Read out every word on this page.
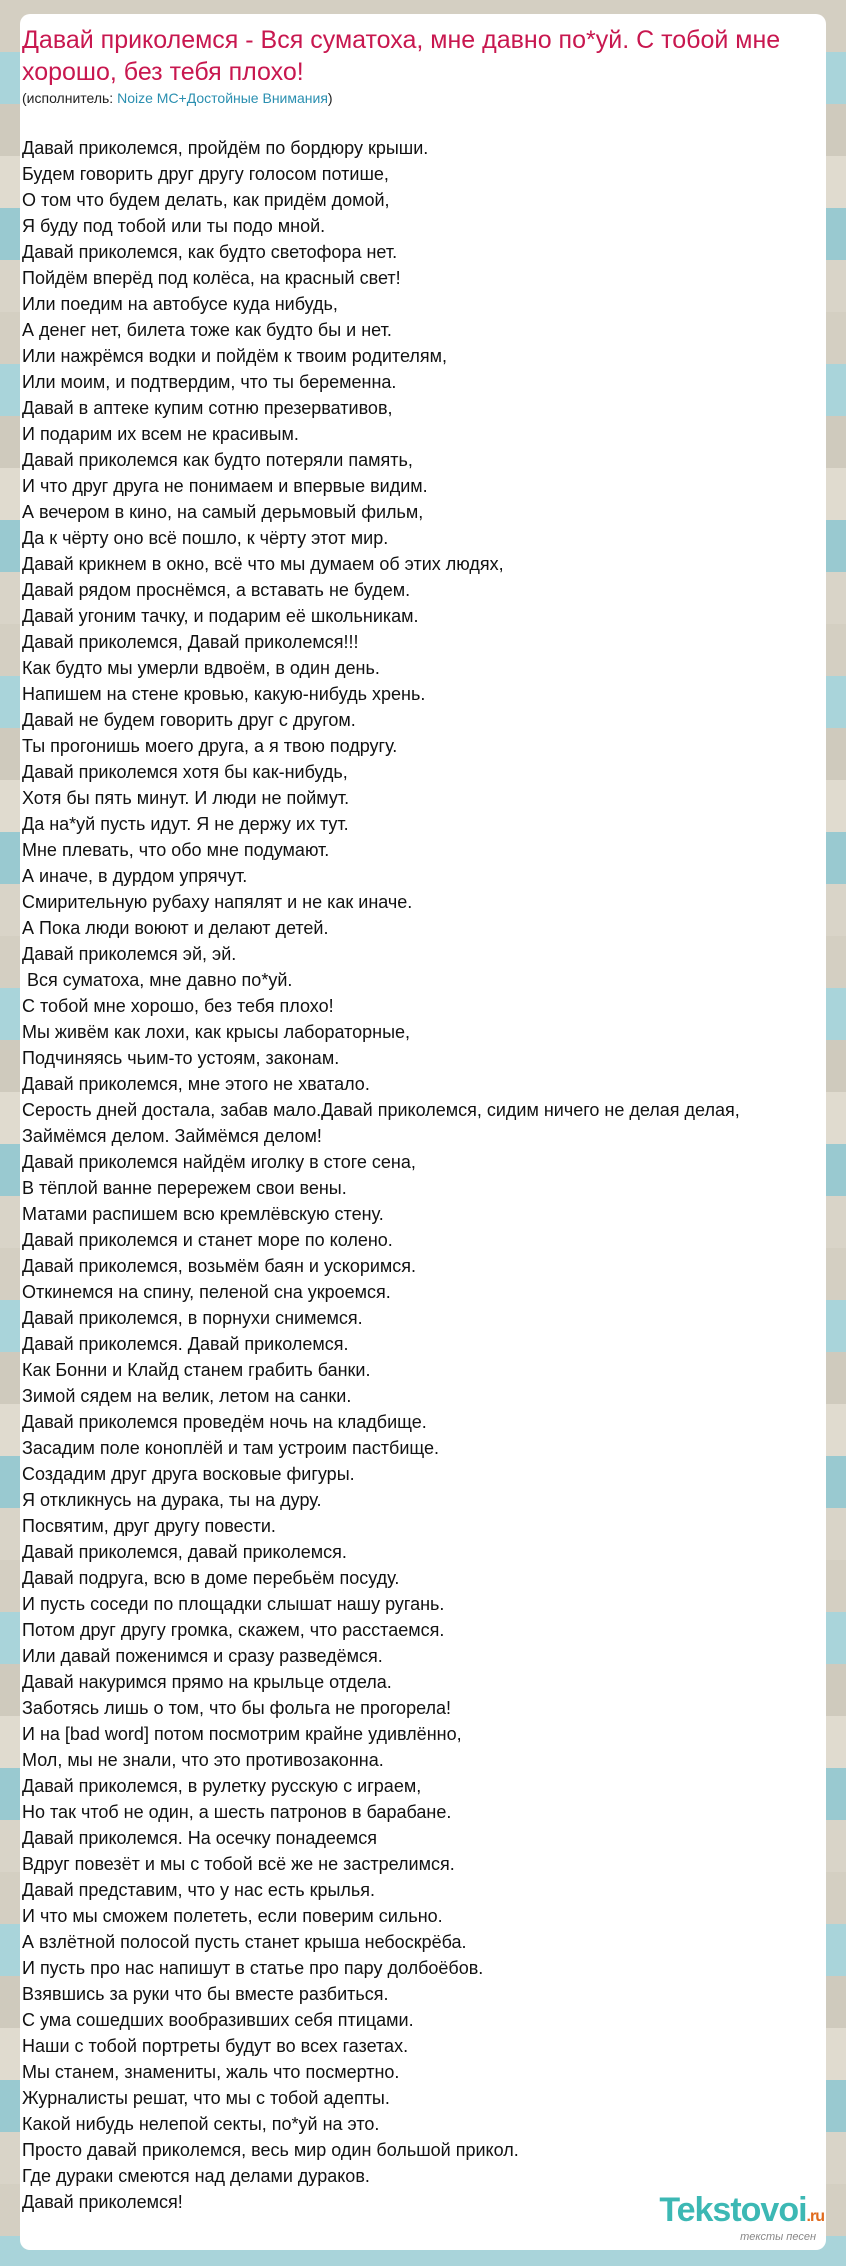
Давай приколемся - Вся суматоха, мне давно по*уй. С тобой мне хорошо, без тебя плохо!
(исполнитель: Noize MC+Достойные Внимания)
Давай приколемся, пройдём по бордюру крыши.
Будем говорить друг другу голосом потише,
О том что будем делать, как придём домой,
Я буду под тобой или ты подо мной.
Давай приколемся, как будто светофора нет.
Пойдём вперёд под колёса, на красный свет!
Или поедим на автобусе куда нибудь,
А денег нет, билета тоже как будто бы и нет.
Или нажрёмся водки и пойдём к твоим родителям,
Или моим, и подтвердим, что ты беременна.
Давай в аптеке купим сотню презервативов,
И подарим их всем не красивым.
Давай приколемся как будто потеряли память,
И что друг друга не понимаем и впервые видим.
А вечером в кино, на самый дерьмовый фильм,
Да к чёрту оно всё пошло, к чёрту этот мир.
Давай крикнем в окно, всё что мы думаем об этих людях,
Давай рядом проснёмся, а вставать не будем.
Давай угоним тачку, и подарим её школьникам.
Давай приколемся, Давай приколемся!!!
Как будто мы умерли вдвоём, в один день.
Напишем на стене кровью, какую-нибудь хрень.
Давай не будем говорить друг с другом.
Ты прогонишь моего друга, а я твою подругу.
Давай приколемся хотя бы как-нибудь,
Хотя бы пять минут. И люди не поймут.
Да на*уй пусть идут. Я не держу их тут.
Мне плевать, что обо мне подумают.
А иначе, в дурдом упрячут.
Смирительную рубаху напялят и не как иначе.
А Пока люди воюют и делают детей.
Давай приколемся эй, эй.
Вся суматоха, мне давно по*уй.
С тобой мне хорошо, без тебя плохо!
Мы живём как лохи, как крысы лабораторные,
Подчиняясь чьим-то устоям, законам.
Давай приколемся, мне этого не хватало.
Серость дней достала, забав мало.Давай приколемся, сидим ничего не делая делая,
Займёмся делом. Займёмся делом!
Давай приколемся найдём иголку в стоге сена,
В тёплой ванне перережем свои вены.
Матами распишем всю кремлёвскую стену.
Давай приколемся и станет море по колено.
Давай приколемся, возьмём баян и ускоримся.
Откинемся на спину, пеленой сна укроемся.
Давай приколемся, в порнухи снимемся.
Давай приколемся. Давай приколемся.
Как Бонни и Клайд станем грабить банки.
Зимой сядем на велик, летом на санки.
Давай приколемся проведём ночь на кладбище.
Засадим поле коноплёй и там устроим пастбище.
Создадим друг друга восковые фигуры.
Я откликнусь на дурака, ты на дуру.
Посвятим, друг другу повести.
Давай приколемся, давай приколемся.
Давай подруга, всю в доме перебьём посуду.
И пусть соседи по площадки слышат нашу ругань.
Потом друг другу громка, скажем, что расстаемся.
Или давай поженимся и сразу разведёмся.
Давай накуримся прямо на крыльце отдела.
Заботясь лишь о том, что бы фольга не прогорела!
И на [bad word] потом посмотрим крайне удивлённо,
Мол, мы не знали, что это противозаконна.
Давай приколемся, в рулетку русскую с играем,
Но так чтоб не один, а шесть патронов в барабане.
Давай приколемся. На осечку понадеемся
Вдруг повезёт и мы с тобой всё же не застрелимся.
Давай представим, что у нас есть крылья.
И что мы сможем полететь, если поверим сильно.
А взлётной полосой пусть станет крыша небоскрёба.
И пусть про нас напишут в статье про пару долбоёбов.
Взявшись за руки что бы вместе разбиться.
С ума сошедших вообразивших себя птицами.
Наши с тобой портреты будут во всех газетах.
Мы станем, знамениты, жаль что посмертно.
Журналисты решат, что мы с тобой адепты.
Какой нибудь нелепой секты, по*уй на это.
Просто давай приколемся, весь мир один большой прикол.
Где дураки смеются над делами дураков.
Давай приколемся!	Tekstovoi.ru
тексты песен
